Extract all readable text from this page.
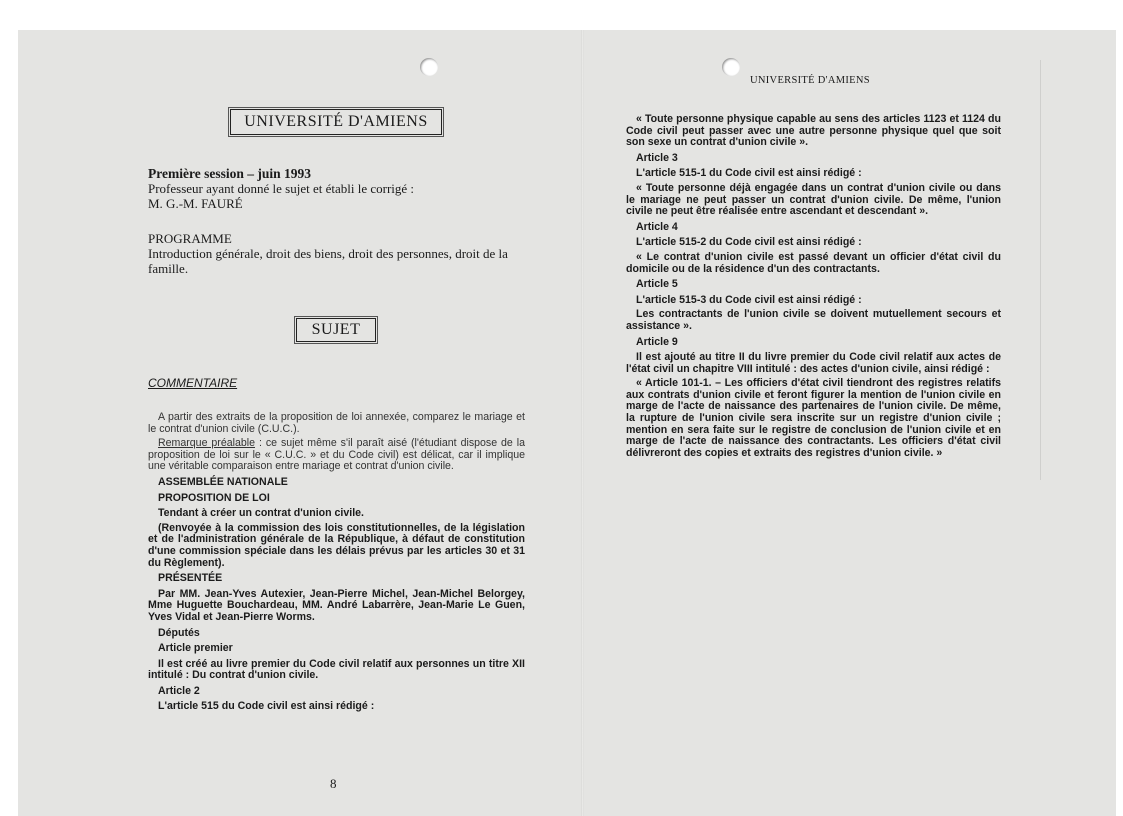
UNIVERSITÉ D'AMIENS
Première session – juin 1993
Professeur ayant donné le sujet et établi le corrigé :
M. G.-M. FAURÉ
PROGRAMME
Introduction générale, droit des biens, droit des personnes, droit de la famille.
SUJET
COMMENTAIRE

A partir des extraits de la proposition de loi annexée, comparez le mariage et le contrat d'union civile (C.U.C.).

Remarque préalable : ce sujet même s'il paraît aisé (l'étudiant dispose de la proposition de loi sur le « C.U.C. » et du Code civil) est délicat, car il implique une véritable comparaison entre mariage et contrat d'union civile.

ASSEMBLÉE NATIONALE

PROPOSITION DE LOI

Tendant à créer un contrat d'union civile.

(Renvoyée à la commission des lois constitutionnelles, de la législation et de l'administration générale de la République, à défaut de constitution d'une commission spéciale dans les délais prévus par les articles 30 et 31 du Règlement).

PRÉSENTÉE

Par MM. Jean-Yves Autexier, Jean-Pierre Michel, Jean-Michel Belorgey, Mme Huguette Bouchardeau, MM. André Labarrère, Jean-Marie Le Guen, Yves Vidal et Jean-Pierre Worms.

Députés

Article premier

Il est créé au livre premier du Code civil relatif aux personnes un titre XII intitulé : Du contrat d'union civile.

Article 2

L'article 515 du Code civil est ainsi rédigé :

8
UNIVERSITÉ D'AMIENS

« Toute personne physique capable au sens des articles 1123 et 1124 du Code civil peut passer avec une autre personne physique quel que soit son sexe un contrat d'union civile ».

Article 3

L'article 515-1 du Code civil est ainsi rédigé :

« Toute personne déjà engagée dans un contrat d'union civile ou dans le mariage ne peut passer un contrat d'union civile. De même, l'union civile ne peut être réalisée entre ascendant et descendant ».

Article 4

L'article 515-2 du Code civil est ainsi rédigé :

« Le contrat d'union civile est passé devant un officier d'état civil du domicile ou de la résidence d'un des contractants.

Article 5

L'article 515-3 du Code civil est ainsi rédigé :

Les contractants de l'union civile se doivent mutuellement secours et assistance ».

Article 9

Il est ajouté au titre II du livre premier du Code civil relatif aux actes de l'état civil un chapitre VIII intitulé : des actes d'union civile, ainsi rédigé :

« Article 101-1. – Les officiers d'état civil tiendront des registres relatifs aux contrats d'union civile et feront figurer la mention de l'union civile en marge de l'acte de naissance des partenaires de l'union civile. De même, la rupture de l'union civile sera inscrite sur un registre d'union civile ; mention en sera faite sur le registre de conclusion de l'union civile et en marge de l'acte de naissance des contractants. Les officiers d'état civil délivreront des copies et extraits des registres d'union civile. »
